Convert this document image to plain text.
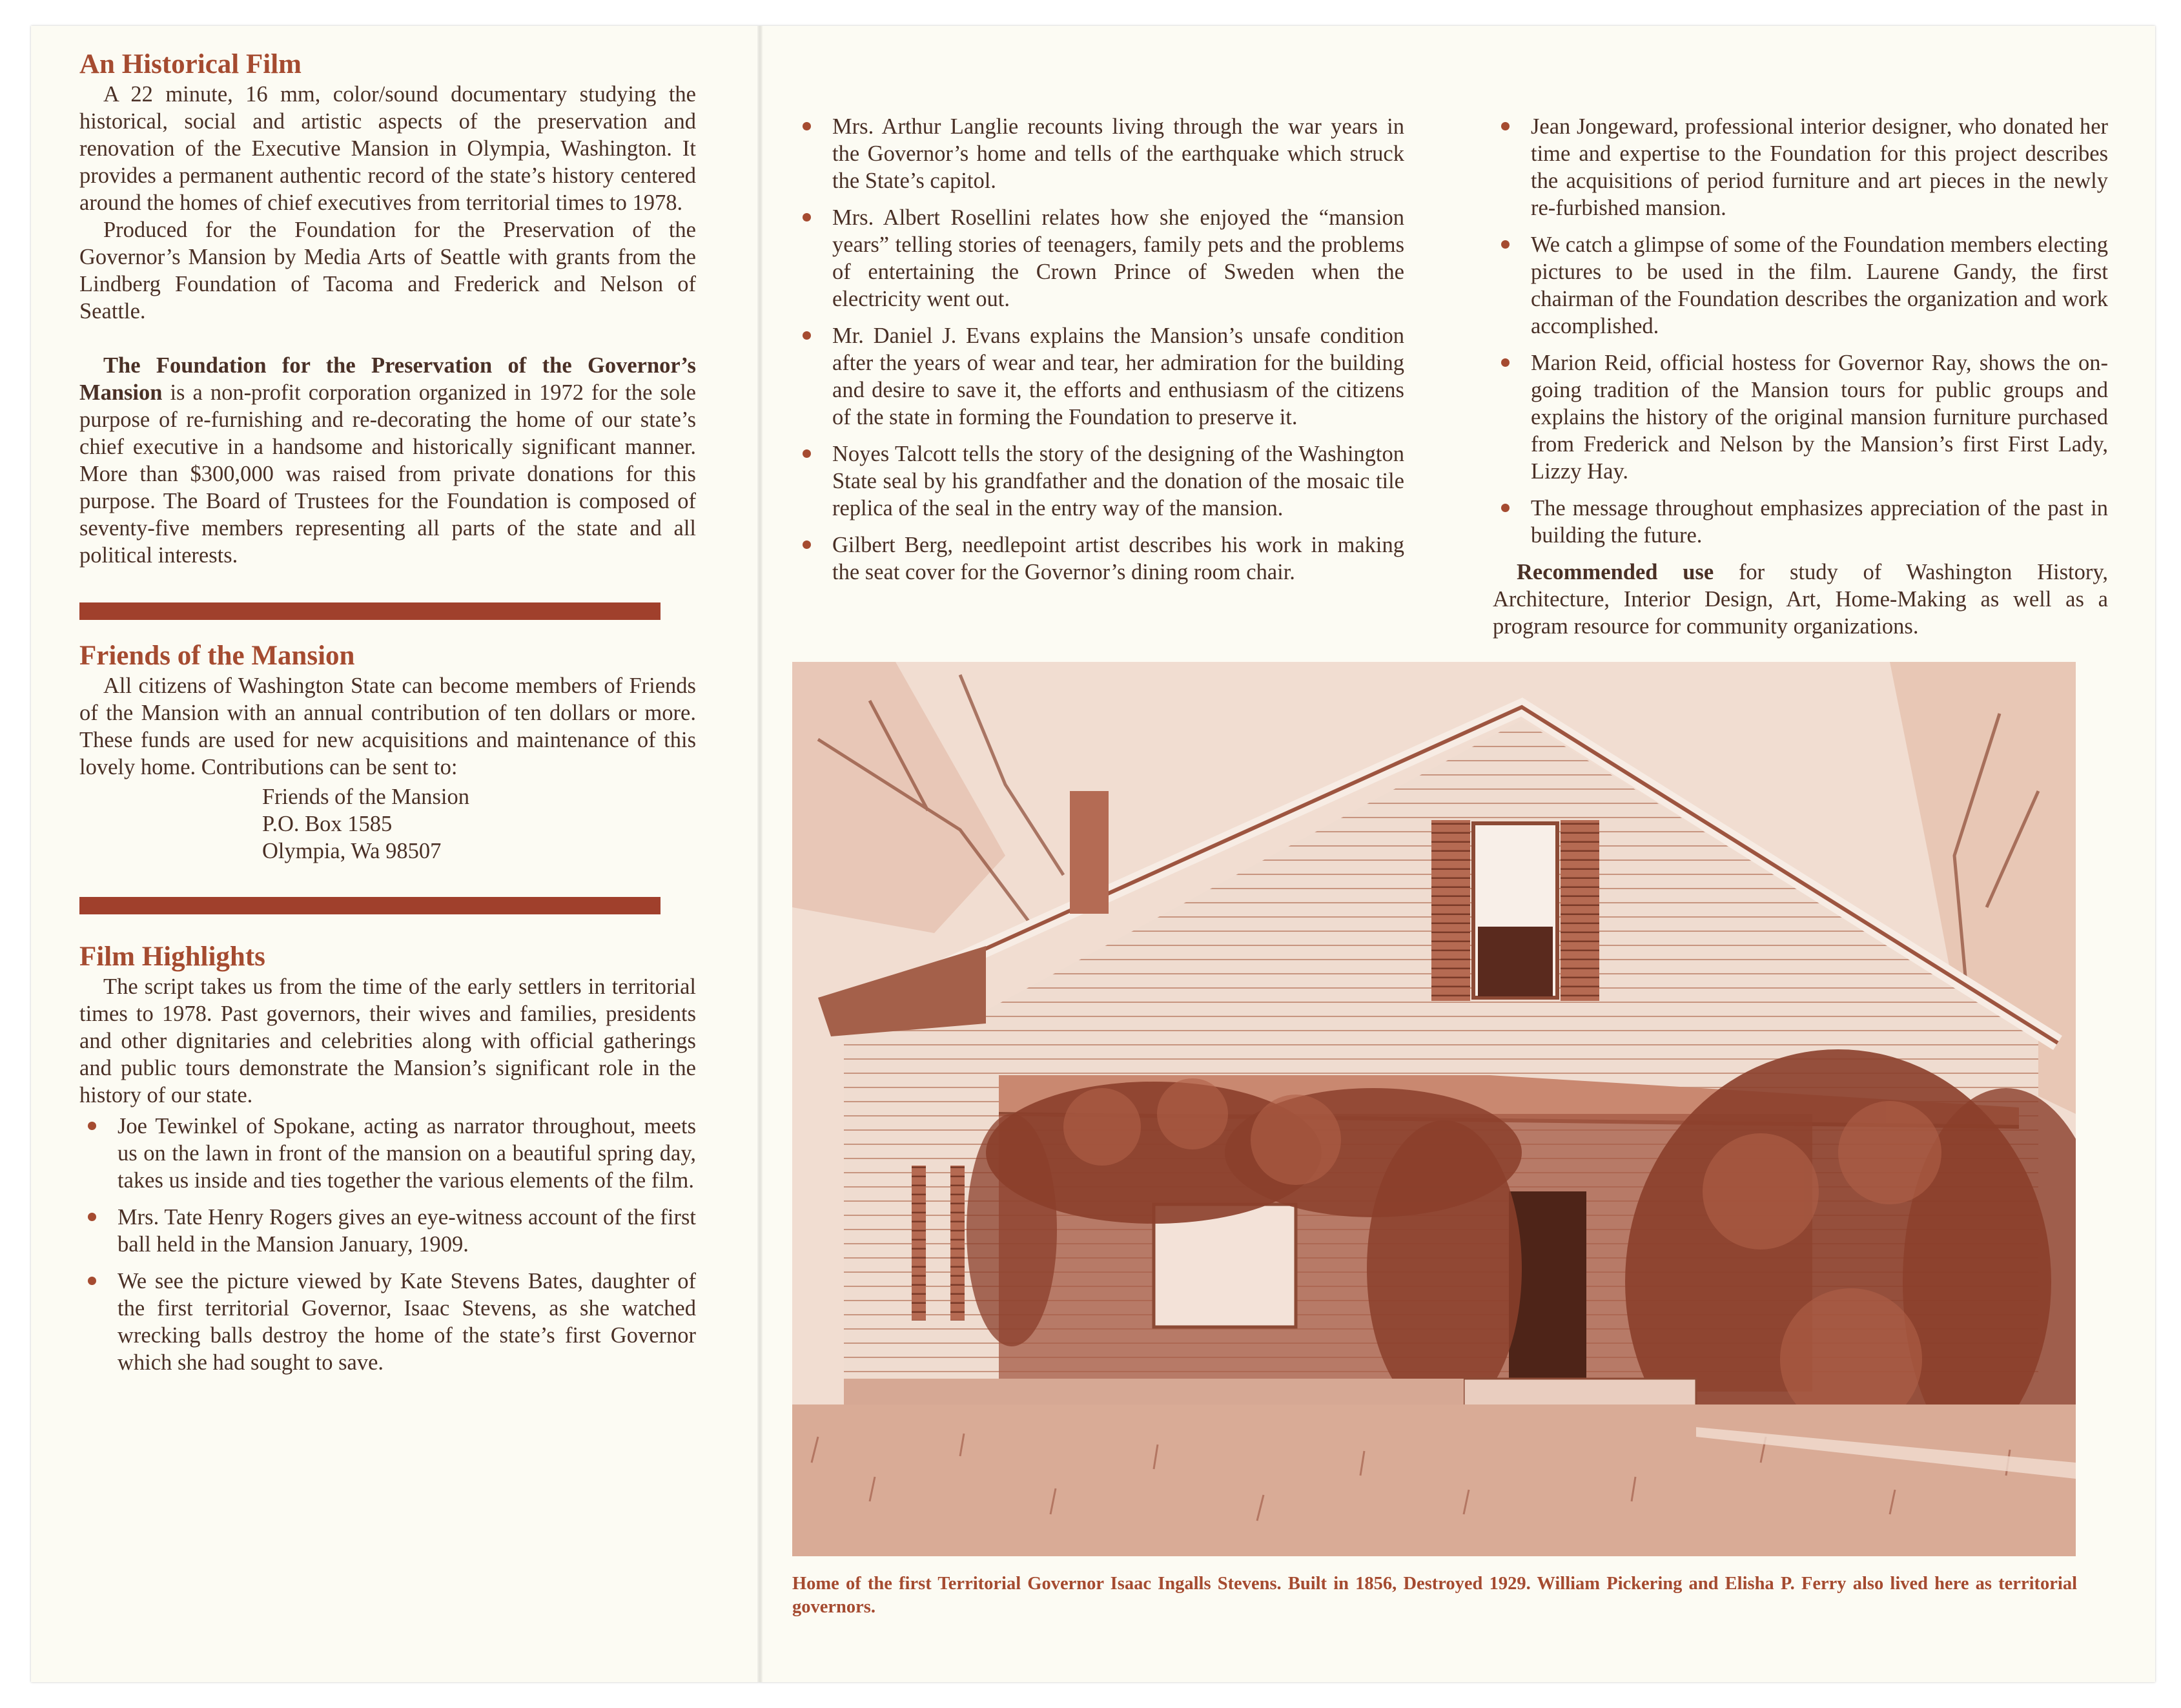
An Historical Film

A 22 minute, 16 mm, color/sound documentary studying the historical, social and artistic aspects of the preservation and renovation of the Executive Mansion in Olympia, Washington. It provides a permanent authentic record of the state’s history centered around the homes of chief executives from territorial times to 1978.

Produced for the Foundation for the Preservation of the Governor’s Mansion by Media Arts of Seattle with grants from the Lindberg Foundation of Tacoma and Frederick and Nelson of Seattle.

The Foundation for the Preservation of the Governor’s Mansion is a non-profit corporation organized in 1972 for the sole purpose of re-furnishing and re-decorating the home of our state’s chief executive in a handsome and historically significant manner. More than $300,000 was raised from private donations for this purpose. The Board of Trustees for the Foundation is composed of seventy-five members representing all parts of the state and all political interests.

Friends of the Mansion

All citizens of Washington State can become members of Friends of the Mansion with an annual contribution of ten dollars or more. These funds are used for new acquisitions and maintenance of this lovely home. Contributions can be sent to:

Friends of the Mansion
P.O. Box 1585
Olympia, Wa 98507
Film Highlights

The script takes us from the time of the early settlers in territorial times to 1978. Past governors, their wives and families, presidents and other dignitaries and celebrities along with official gatherings and public tours demonstrate the Mansion’s significant role in the history of our state.

Joe Tewinkel of Spokane, acting as narrator throughout, meets us on the lawn in front of the mansion on a beautiful spring day, takes us inside and ties together the various elements of the film.
Mrs. Tate Henry Rogers gives an eye-witness account of the first ball held in the Mansion January, 1909.
We see the picture viewed by Kate Stevens Bates, daughter of the first territorial Governor, Isaac Stevens, as she watched wrecking balls destroy the home of the state’s first Governor which she had sought to save.
Mrs. Arthur Langlie recounts living through the war years in the Governor’s home and tells of the earthquake which struck the State’s capitol.
Mrs. Albert Rosellini relates how she enjoyed the “mansion years” telling stories of teenagers, family pets and the problems of entertaining the Crown Prince of Sweden when the electricity went out.
Mr. Daniel J. Evans explains the Mansion’s unsafe condition after the years of wear and tear, her admiration for the building and desire to save it, the efforts and enthusiasm of the citizens of the state in forming the Foundation to preserve it.
Noyes Talcott tells the story of the designing of the Washington State seal by his grandfather and the donation of the mosaic tile replica of the seal in the entry way of the mansion.
Gilbert Berg, needlepoint artist describes his work in making the seat cover for the Governor’s dining room chair.
Jean Jongeward, professional interior designer, who donated her time and expertise to the Foundation for this project describes the acquisitions of period furniture and art pieces in the newly re-furbished mansion.
We catch a glimpse of some of the Foundation members electing pictures to be used in the film. Laurene Gandy, the first chairman of the Foundation describes the organization and work accomplished.
Marion Reid, official hostess for Governor Ray, shows the on-going tradition of the Mansion tours for public groups and explains the history of the original mansion furniture purchased from Frederick and Nelson by the Mansion’s first First Lady, Lizzy Hay.
The message throughout emphasizes appreciation of the past in building the future.

Recommended use for study of Washington History, Architecture, Interior Design, Art, Home-Making as well as a program resource for community organizations.

Home of the first Territorial Governor Isaac Ingalls Stevens. Built in 1856, Destroyed 1929. William Pickering and Elisha P. Ferry also lived here as territorial governors.
